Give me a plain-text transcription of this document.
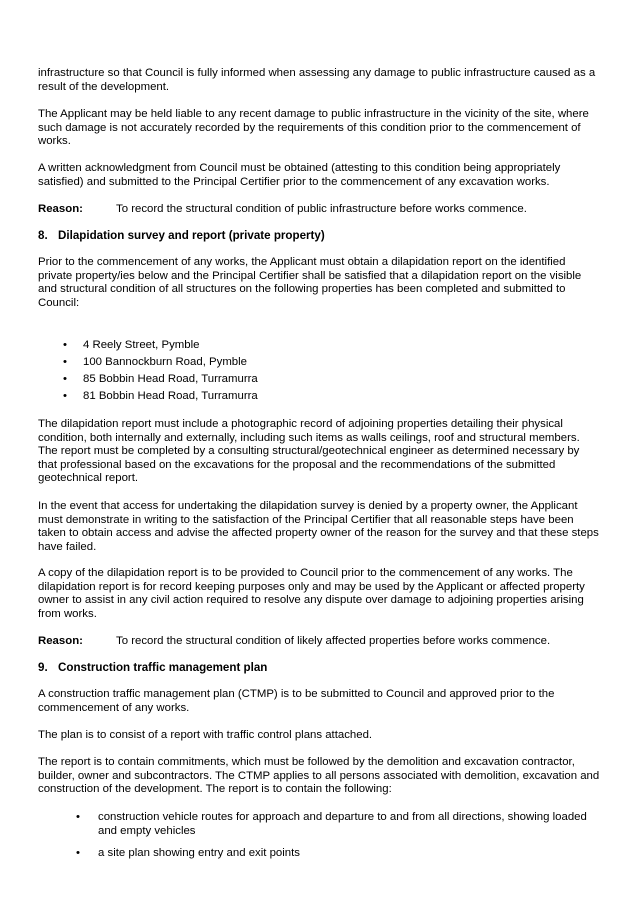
infrastructure so that Council is fully informed when assessing any damage to public infrastructure caused as a result of the development.
The Applicant may be held liable to any recent damage to public infrastructure in the vicinity of the site, where such damage is not accurately recorded by the requirements of this condition prior to the commencement of works.
A written acknowledgment from Council must be obtained (attesting to this condition being appropriately satisfied) and submitted to the Principal Certifier prior to the commencement of any excavation works.
Reason:	To record the structural condition of public infrastructure before works commence.
8. Dilapidation survey and report (private property)
Prior to the commencement of any works, the Applicant must obtain a dilapidation report on the identified private property/ies below and the Principal Certifier shall be satisfied that a dilapidation report on the visible and structural condition of all structures on the following properties has been completed and submitted to Council:
• 4 Reely Street, Pymble
• 100 Bannockburn Road, Pymble
• 85 Bobbin Head Road, Turramurra
• 81 Bobbin Head Road, Turramurra
The dilapidation report must include a photographic record of adjoining properties detailing their physical condition, both internally and externally, including such items as walls ceilings, roof and structural members. The report must be completed by a consulting structural/geotechnical engineer as determined necessary by that professional based on the excavations for the proposal and the recommendations of the submitted geotechnical report.
In the event that access for undertaking the dilapidation survey is denied by a property owner, the Applicant must demonstrate in writing to the satisfaction of the Principal Certifier that all reasonable steps have been taken to obtain access and advise the affected property owner of the reason for the survey and that these steps have failed.
A copy of the dilapidation report is to be provided to Council prior to the commencement of any works. The dilapidation report is for record keeping purposes only and may be used by the Applicant or affected property owner to assist in any civil action required to resolve any dispute over damage to adjoining properties arising from works.
Reason:	To record the structural condition of likely affected properties before works commence.
9. Construction traffic management plan
A construction traffic management plan (CTMP) is to be submitted to Council and approved prior to the commencement of any works.
The plan is to consist of a report with traffic control plans attached.
The report is to contain commitments, which must be followed by the demolition and excavation contractor, builder, owner and subcontractors. The CTMP applies to all persons associated with demolition, excavation and construction of the development. The report is to contain the following:
• construction vehicle routes for approach and departure to and from all directions, showing loaded and empty vehicles
• a site plan showing entry and exit points
